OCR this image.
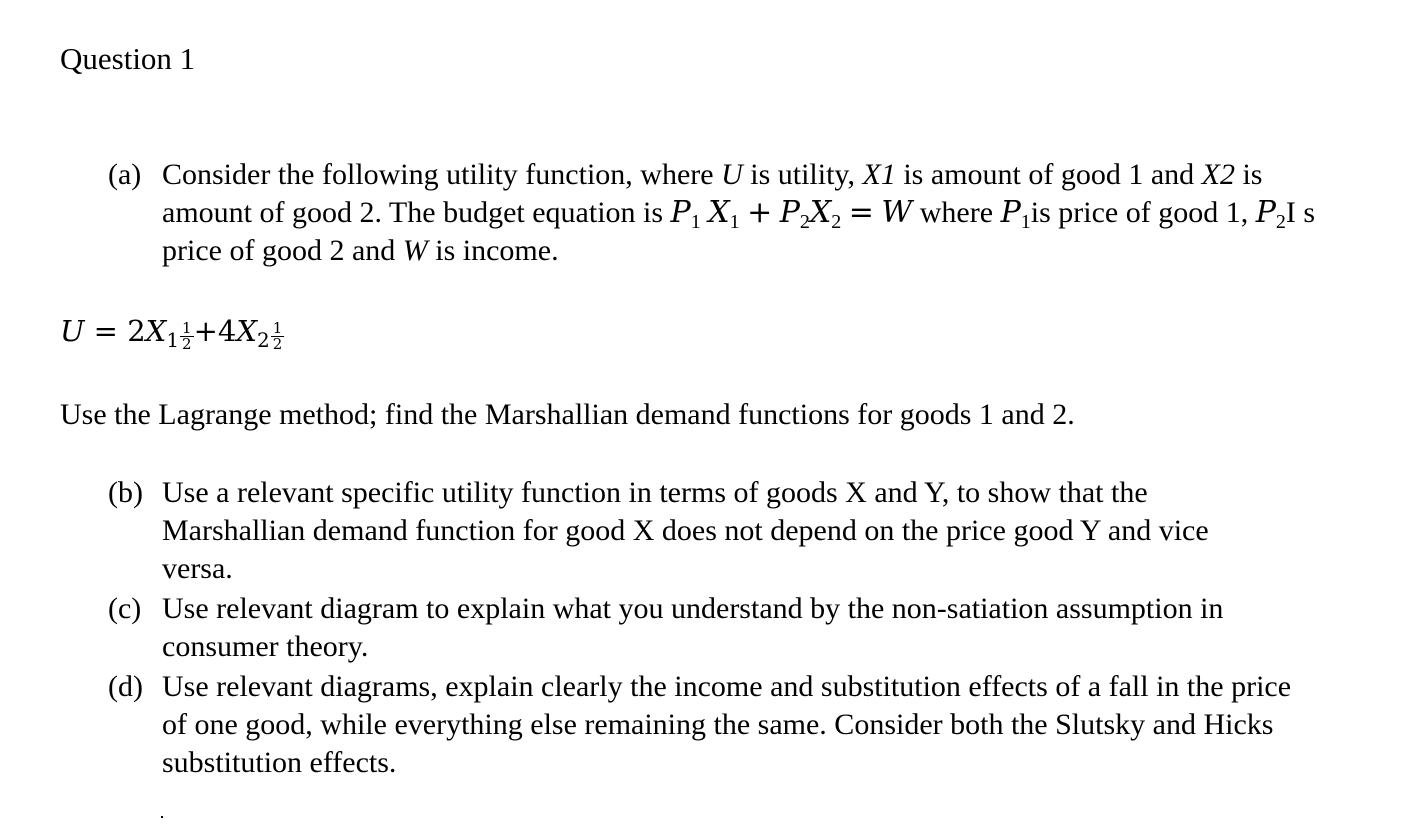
Question 1
(a) Consider the following utility function, where U is utility, X1 is amount of good 1 and X2 is amount of good 2. The budget equation is $P_1$ $X_1 + P_2X_2 = W$ where $P_1is$ price of good 1, $P_2I$ s price of good 2 and W is income.
$U = 2X_1 \frac{1}{2} +4X_2 \frac{1}{2}$
Use the Lagrange method; find the Marshallian demand functions for goods 1 and 2.
(b) Use a relevant specific utility function in terms of goods X and Y, to show that the Marshallian demand function for good X does not depend on the price good Y and vice versa.
(c) Use relevant diagram to explain what you understand by the non-satiation assumption in consumer theory.
(d) Use relevant diagrams, explain clearly the income and substitution effects of a fall in the price of one good, while everything else remaining the same. Consider both the Slutsky and Hicks substitution effects.
